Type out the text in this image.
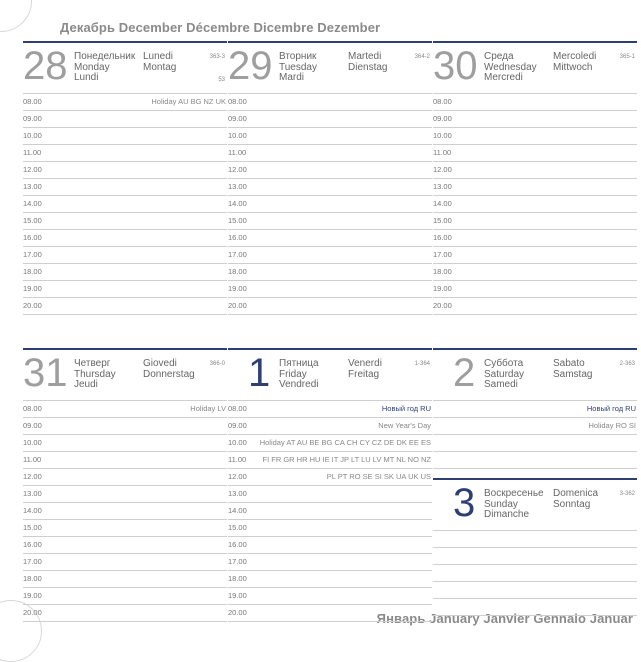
Декабрь December Décembre Dicembre Dezember
Январь January Janvier Gennaio Januar
28 Понедельник
Monday
Lundi
Lunedi
Montag
363-3
53
08.00	Holiday AU BG NZ UK
09.00
10.00
11.00
12.00
13.00
14.00
15.00
16.00
17.00
18.00
19.00
20.00
29 Вторник
Tuesday
Mardi
Martedi
Dienstag
364-2
08.00
09.00
10.00
11.00
12.00
13.00
14.00
15.00
16.00
17.00
18.00
19.00
20.00
30 Среда
Wednesday
Mercredi
Mercoledi
Mittwoch
365-1
08.00
09.00
10.00
11.00
12.00
13.00
14.00
15.00
16.00
17.00
18.00
19.00
20.00
31 Четверг
Thursday
Jeudi
Giovedi
Donnerstag
366-0
08.00	Holiday LV
09.00
10.00
11.00
12.00
13.00
14.00
15.00
16.00
17.00
18.00
19.00
20.00
1 Пятница
Friday
Vendredi
Venerdi
Freitag
1-364
08.00	Новый год RU
09.00	New Year's Day
10.00 Holiday AT AU BE BG CA CH CY CZ DE DK EE ES
11.00 FI FR GR HR HU IE IT JP LT LU LV MT NL NO NZ
12.00	PL PT RO SE SI SK UA UK US
13.00
14.00
15.00
16.00
17.00
18.00
19.00
20.00
2 Суббота
Saturday
Samedi
Sabato
Samstag
2-363
Новый год RU
Holiday RO SI
3 Воскресенье
Sunday
Dimanche
Domenica
Sonntag
3-362
